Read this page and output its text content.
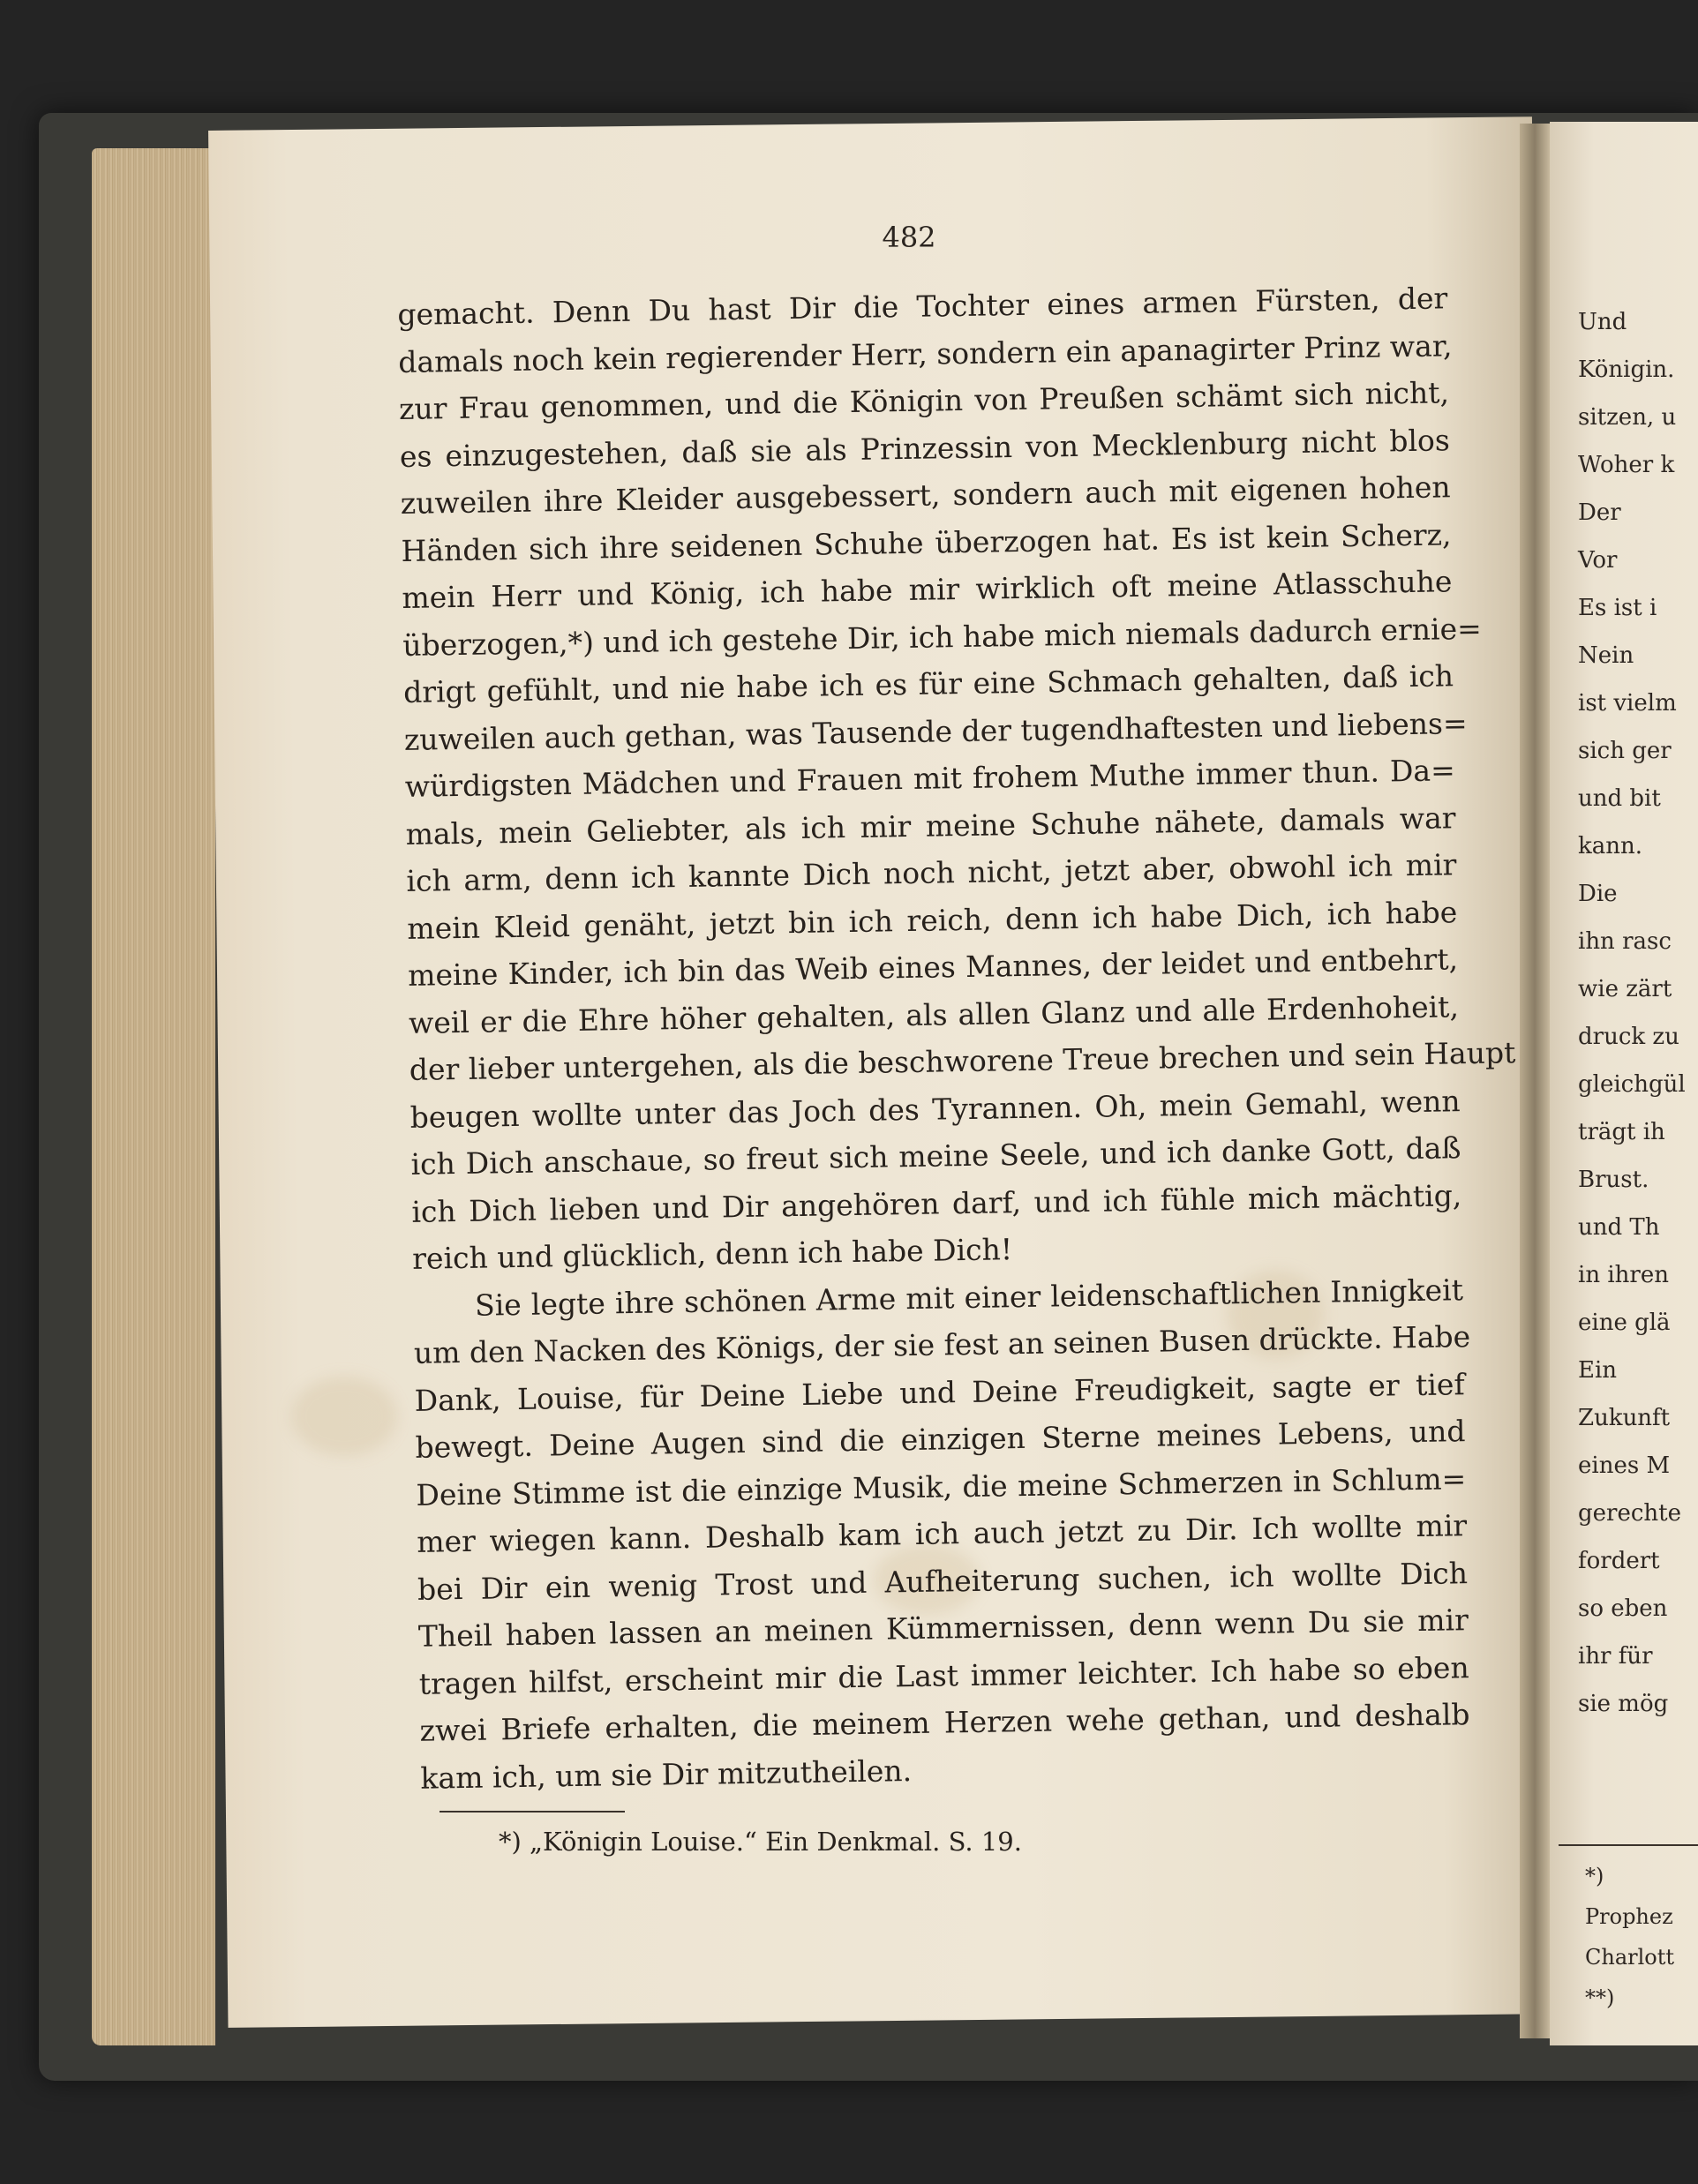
Und
Königin.
sitzen, u
Woher k
Der
Vor
Es ist i
Nein
ist vielm
sich ger
und bit
kann.
Die
ihn rasc
wie zärt
druck zu
gleichgül
trägt ih
Brust.
und Th
in ihren
eine glä
Ein
Zukunft
eines M
gerechte
fordert
so eben
ihr für
sie mög
*)
Prophez
Charlott
**)
482
gemacht. Denn Du hast Dir die Tochter eines armen Fürsten, der
damals noch kein regierender Herr, sondern ein apanagirter Prinz war,
zur Frau genommen, und die Königin von Preußen schämt sich nicht,
es einzugestehen, daß sie als Prinzessin von Mecklenburg nicht blos
zuweilen ihre Kleider ausgebessert, sondern auch mit eigenen hohen
Händen sich ihre seidenen Schuhe überzogen hat. Es ist kein Scherz,
mein Herr und König, ich habe mir wirklich oft meine Atlasschuhe
überzogen,*) und ich gestehe Dir, ich habe mich niemals dadurch ernie=
drigt gefühlt, und nie habe ich es für eine Schmach gehalten, daß ich
zuweilen auch gethan, was Tausende der tugendhaftesten und liebens=
würdigsten Mädchen und Frauen mit frohem Muthe immer thun. Da=
mals, mein Geliebter, als ich mir meine Schuhe nähete, damals war
ich arm, denn ich kannte Dich noch nicht, jetzt aber, obwohl ich mir
mein Kleid genäht, jetzt bin ich reich, denn ich habe Dich, ich habe
meine Kinder, ich bin das Weib eines Mannes, der leidet und entbehrt,
weil er die Ehre höher gehalten, als allen Glanz und alle Erdenhoheit,
der lieber untergehen, als die beschworene Treue brechen und sein Haupt
beugen wollte unter das Joch des Tyrannen. Oh, mein Gemahl, wenn
ich Dich anschaue, so freut sich meine Seele, und ich danke Gott, daß
ich Dich lieben und Dir angehören darf, und ich fühle mich mächtig,
reich und glücklich, denn ich habe Dich!
Sie legte ihre schönen Arme mit einer leidenschaftlichen Innigkeit
um den Nacken des Königs, der sie fest an seinen Busen drückte. Habe
Dank, Louise, für Deine Liebe und Deine Freudigkeit, sagte er tief
bewegt. Deine Augen sind die einzigen Sterne meines Lebens, und
Deine Stimme ist die einzige Musik, die meine Schmerzen in Schlum=
mer wiegen kann. Deshalb kam ich auch jetzt zu Dir. Ich wollte mir
bei Dir ein wenig Trost und Aufheiterung suchen, ich wollte Dich
Theil haben lassen an meinen Kümmernissen, denn wenn Du sie mir
tragen hilfst, erscheint mir die Last immer leichter. Ich habe so eben
zwei Briefe erhalten, die meinem Herzen wehe gethan, und deshalb
kam ich, um sie Dir mitzutheilen.
*) „Königin Louise.“ Ein Denkmal. S. 19.
